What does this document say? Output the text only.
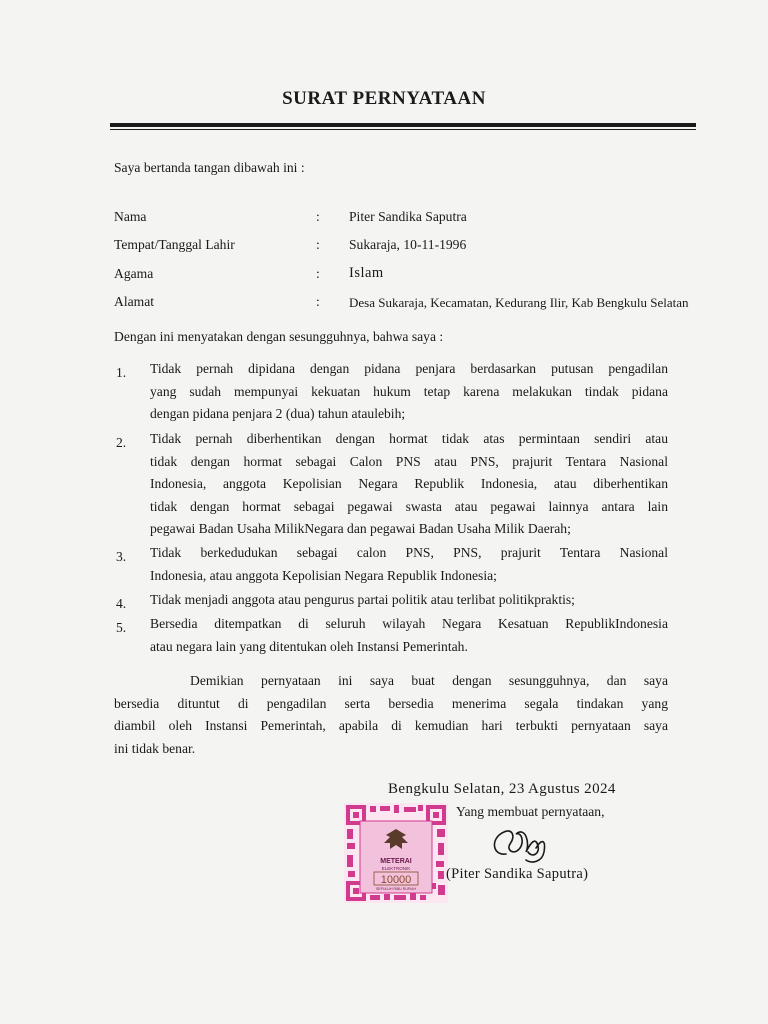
SURAT PERNYATAAN
Saya bertanda tangan dibawah ini :
Nama	: Piter Sandika Saputra
Tempat/Tanggal Lahir	: Sukaraja, 10-11-1996
Agama	: Islam
Alamat	: Desa Sukaraja, Kecamatan, Kedurang Ilir, Kab Bengkulu Selatan
Dengan ini menyatakan dengan sesungguhnya, bahwa saya :
1. Tidak pernah dipidana dengan pidana penjara berdasarkan putusan pengadilan
yang sudah mempunyai kekuatan hukum tetap karena melakukan tindak pidana
dengan pidana penjara 2 (dua) tahun ataulebih;
2. Tidak pernah diberhentikan dengan hormat tidak atas permintaan sendiri atau
tidak dengan hormat sebagai Calon PNS atau PNS, prajurit Tentara Nasional
Indonesia, anggota Kepolisian Negara Republik Indonesia, atau diberhentikan
tidak dengan hormat sebagai pegawai swasta atau pegawai lainnya antara lain
pegawai Badan Usaha MilikNegara dan pegawai Badan Usaha Milik Daerah;
3. Tidak berkedudukan sebagai calon PNS, PNS, prajurit Tentara Nasional
Indonesia, atau anggota Kepolisian Negara Republik Indonesia;
4. Tidak menjadi anggota atau pengurus partai politik atau terlibat politikpraktis;
5. Bersedia ditempatkan di seluruh wilayah Negara Kesatuan RepublikIndonesia
atau negara lain yang ditentukan oleh Instansi Pemerintah.
Demikian pernyataan ini saya buat dengan sesungguhnya, dan saya
bersedia dituntut di pengadilan serta bersedia menerima segala tindakan yang
diambil oleh Instansi Pemerintah, apabila di kemudian hari terbukti pernyataan saya
ini tidak benar.
Bengkulu Selatan, 23 Agustus 2024
Yang membuat pernyataan,
METERAI
ELEKTRONIK
10000
SEPULUH RIBU RUPIAH
(Piter Sandika Saputra)
